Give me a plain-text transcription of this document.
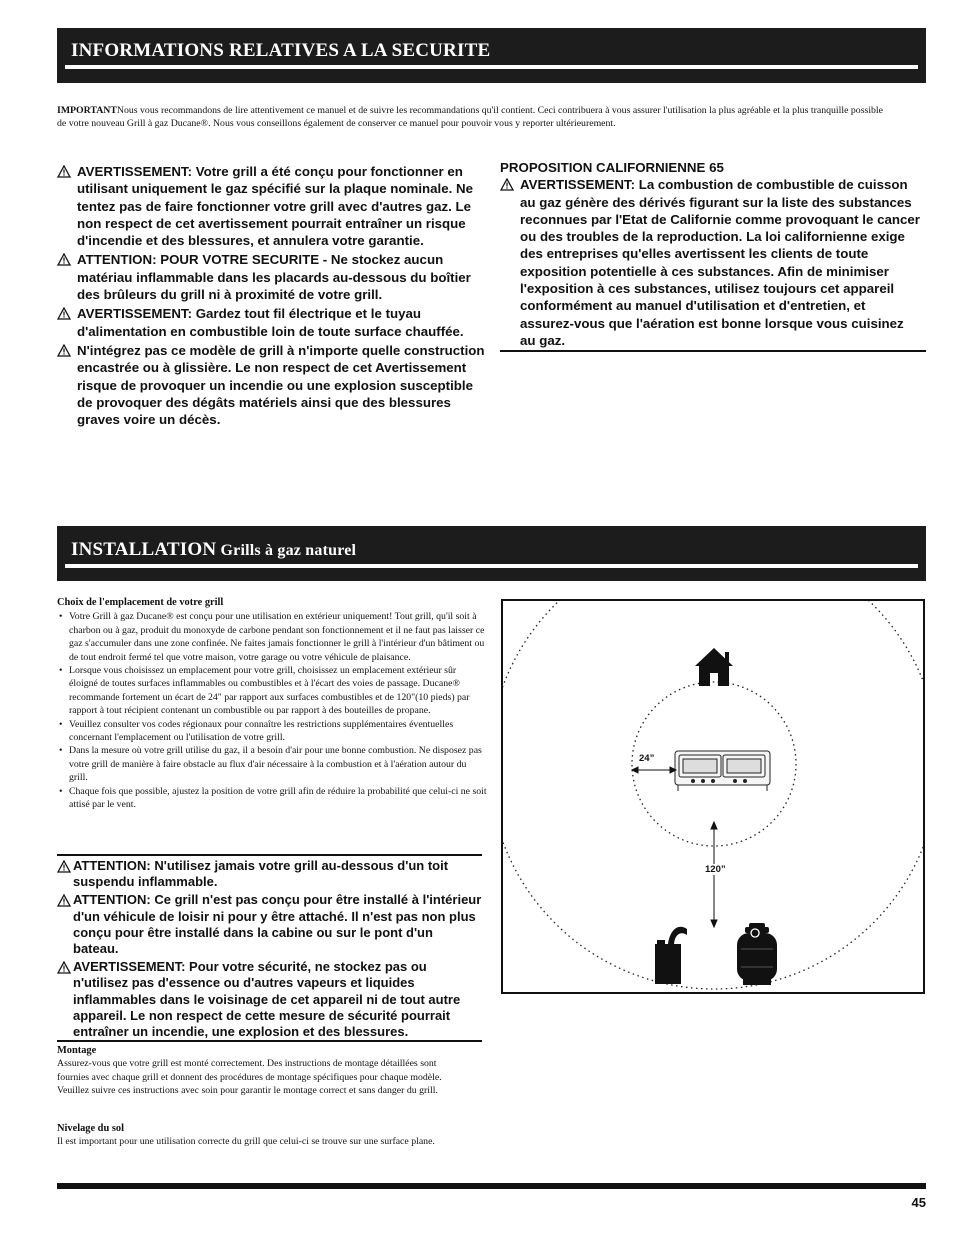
INFORMATIONS RELATIVES A LA SECURITE
IMPORTANTNous vous recommandons de lire attentivement ce manuel et de suivre les recommandations qu'il contient. Ceci contribuera à vous assurer l'utilisation la plus agréable et la plus tranquille possible de votre nouveau Grill à gaz Ducane®. Nous vous conseillons également de conserver ce manuel pour pouvoir vous y reporter ultérieurement.

AVERTISSEMENT: Votre grill a été conçu pour fonctionner en utilisant uniquement le gaz spécifié sur la plaque nominale. Ne tentez pas de faire fonctionner votre grill avec d'autres gaz. Le non respect de cet avertissement pourrait entraîner un risque d'incendie et des blessures, et annulera votre garantie.

ATTENTION: POUR VOTRE SECURITE - Ne stockez aucun matériau inflammable dans les placards au-dessous du boîtier des brûleurs du grill ni à proximité de votre grill.

AVERTISSEMENT: Gardez tout fil électrique et le tuyau d'alimentation en combustible loin de toute surface chauffée.

N'intégrez pas ce modèle de grill à n'importe quelle construction encastrée ou à glissière. Le non respect de cet Avertissement risque de provoquer un incendie ou une explosion susceptible de provoquer des dégâts matériels ainsi que des blessures graves voire un décès.

PROPOSITION CALIFORNIENNE 65

AVERTISSEMENT: La combustion de combustible de cuisson au gaz génère des dérivés figurant sur la liste des substances reconnues par l'Etat de Californie comme provoquant le cancer ou des troubles de la reproduction. La loi californienne exige des entreprises qu'elles avertissent les clients de toute exposition potentielle à ces substances. Afin de minimiser l'exposition à ces substances, utilisez toujours cet appareil conformément au manuel d'utilisation et d'entretien, et assurez-vous que l'aération est bonne lorsque vous cuisinez au gaz.

INSTALLATION Grills à gaz naturel
Choix de l'emplacement de votre grill
• Votre Grill à gaz Ducane® est conçu pour une utilisation en extérieur uniquement! Tout grill, qu'il soit à charbon ou à gaz, produit du monoxyde de carbone pendant son fonctionnement et il ne faut pas laisser ce gaz s'accumuler dans une zone confinée. Ne faites jamais fonctionner le grill à l'intérieur d'un bâtiment ou de tout endroit fermé tel que votre maison, votre garage ou votre véhicule de plaisance.
• Lorsque vous choisissez un emplacement pour votre grill, choisissez un emplacement extérieur sûr éloigné de toutes surfaces inflammables ou combustibles et à l'écart des voies de passage. Ducane® recommande fortement un écart de 24" par rapport aux surfaces combustibles et de 120"(10 pieds) par rapport à tout récipient contenant un combustible ou par rapport à des bouteilles de propane.
• Veuillez consulter vos codes régionaux pour connaître les restrictions supplémentaires éventuelles concernant l'emplacement ou l'utilisation de votre grill.
• Dans la mesure où votre grill utilise du gaz, il a besoin d'air pour une bonne combustion. Ne disposez pas votre grill de manière à faire obstacle au flux d'air nécessaire à la combustion et à l'aération autour du grill.
• Chaque fois que possible, ajustez la position de votre grill afin de réduire la probabilité que celui-ci ne soit attisé par le vent.

ATTENTION: N'utilisez jamais votre grill au-dessous d'un toit suspendu inflammable.

ATTENTION: Ce grill n'est pas conçu pour être installé à l'intérieur d'un véhicule de loisir ni pour y être attaché. Il n'est pas non plus conçu pour être installé dans la cabine ou sur le pont d'un bateau.

AVERTISSEMENT: Pour votre sécurité, ne stockez pas ou n'utilisez pas d'essence ou d'autres vapeurs et liquides inflammables dans le voisinage de cet appareil ni de tout autre appareil. Le non respect de cette mesure de sécurité pourrait entraîner un incendie, une explosion et des blessures.

Montage
Assurez-vous que votre grill est monté correctement. Des instructions de montage détaillées sont fournies avec chaque grill et donnent des procédures de montage spécifiques pour chaque modèle. Veuillez suivre ces instructions avec soin pour garantir le montage correct et sans danger du grill.
Nivelage du sol
Il est important pour une utilisation correcte du grill que celui-ci se trouve sur une surface plane.
24”
120”
45
